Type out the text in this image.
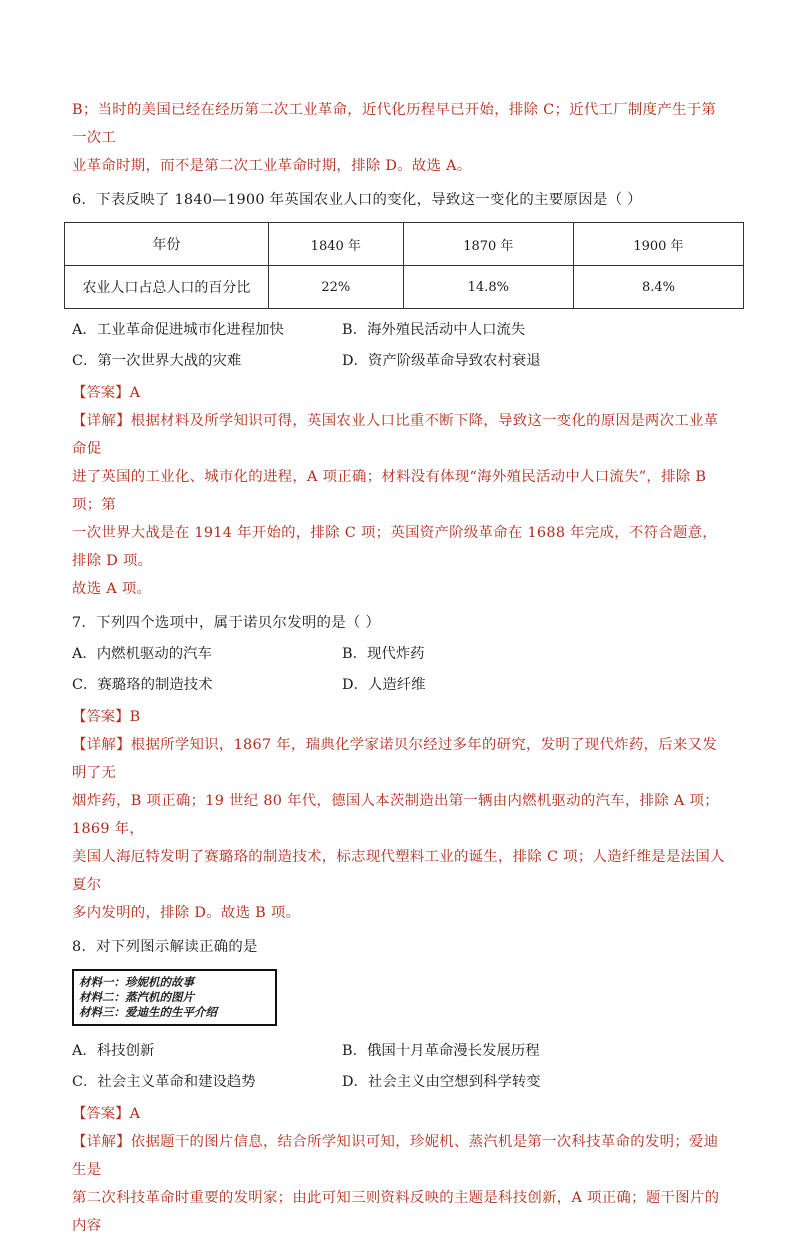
B；当时的美国已经在经历第二次工业革命，近代化历程早已开始，排除 C；近代工厂制度产生于第一次工

业革命时期，而不是第二次工业革命时期，排除 D。故选 A。

6．下表反映了 1840—1900 年英国农业人口的变化，导致这一变化的主要原因是（ ）

年份	1840 年	1870 年	1900 年
农业人口占总人口的百分比	22%	14.8%	8.4%
A．工业革命促进城市化进程加快	B．海外殖民活动中人口流失
C．第一次世界大战的灾难	D．资产阶级革命导致农村衰退

【答案】A

【详解】根据材料及所学知识可得，英国农业人口比重不断下降，导致这一变化的原因是两次工业革命促

进了英国的工业化、城市化的进程，A 项正确；材料没有体现“海外殖民活动中人口流失”，排除 B 项；第

一次世界大战是在 1914 年开始的，排除 C 项；英国资产阶级革命在 1688 年完成，不符合题意，排除 D 项。

故选 A 项。

7．下列四个选项中，属于诺贝尔发明的是（ ）

A．内燃机驱动的汽车	B．现代炸药
C．赛璐珞的制造技术	D．人造纤维

【答案】B

【详解】根据所学知识，1867 年，瑞典化学家诺贝尔经过多年的研究，发明了现代炸药，后来又发明了无

烟炸药，B 项正确；19 世纪 80 年代，德国人本茨制造出第一辆由内燃机驱动的汽车，排除 A 项；1869 年，

美国人海厄特发明了赛璐珞的制造技术，标志现代塑料工业的诞生，排除 C 项；人造纤维是是法国人夏尔

多内发明的，排除 D。故选 B 项。

8．对下列图示解读正确的是

材料一：珍妮机的故事
材料二：蒸汽机的图片
材料三：爱迪生的生平介绍
A．科技创新	B．俄国十月革命漫长发展历程
C．社会主义革命和建设趋势	D．社会主义由空想到科学转变

【答案】A

【详解】依据题干的图片信息，结合所学知识可知，珍妮机、蒸汽机是第一次科技革命的发明；爱迪生是

第二次科技革命时重要的发明家；由此可知三则资料反映的主题是科技创新，A 项正确；题干图片的内容
